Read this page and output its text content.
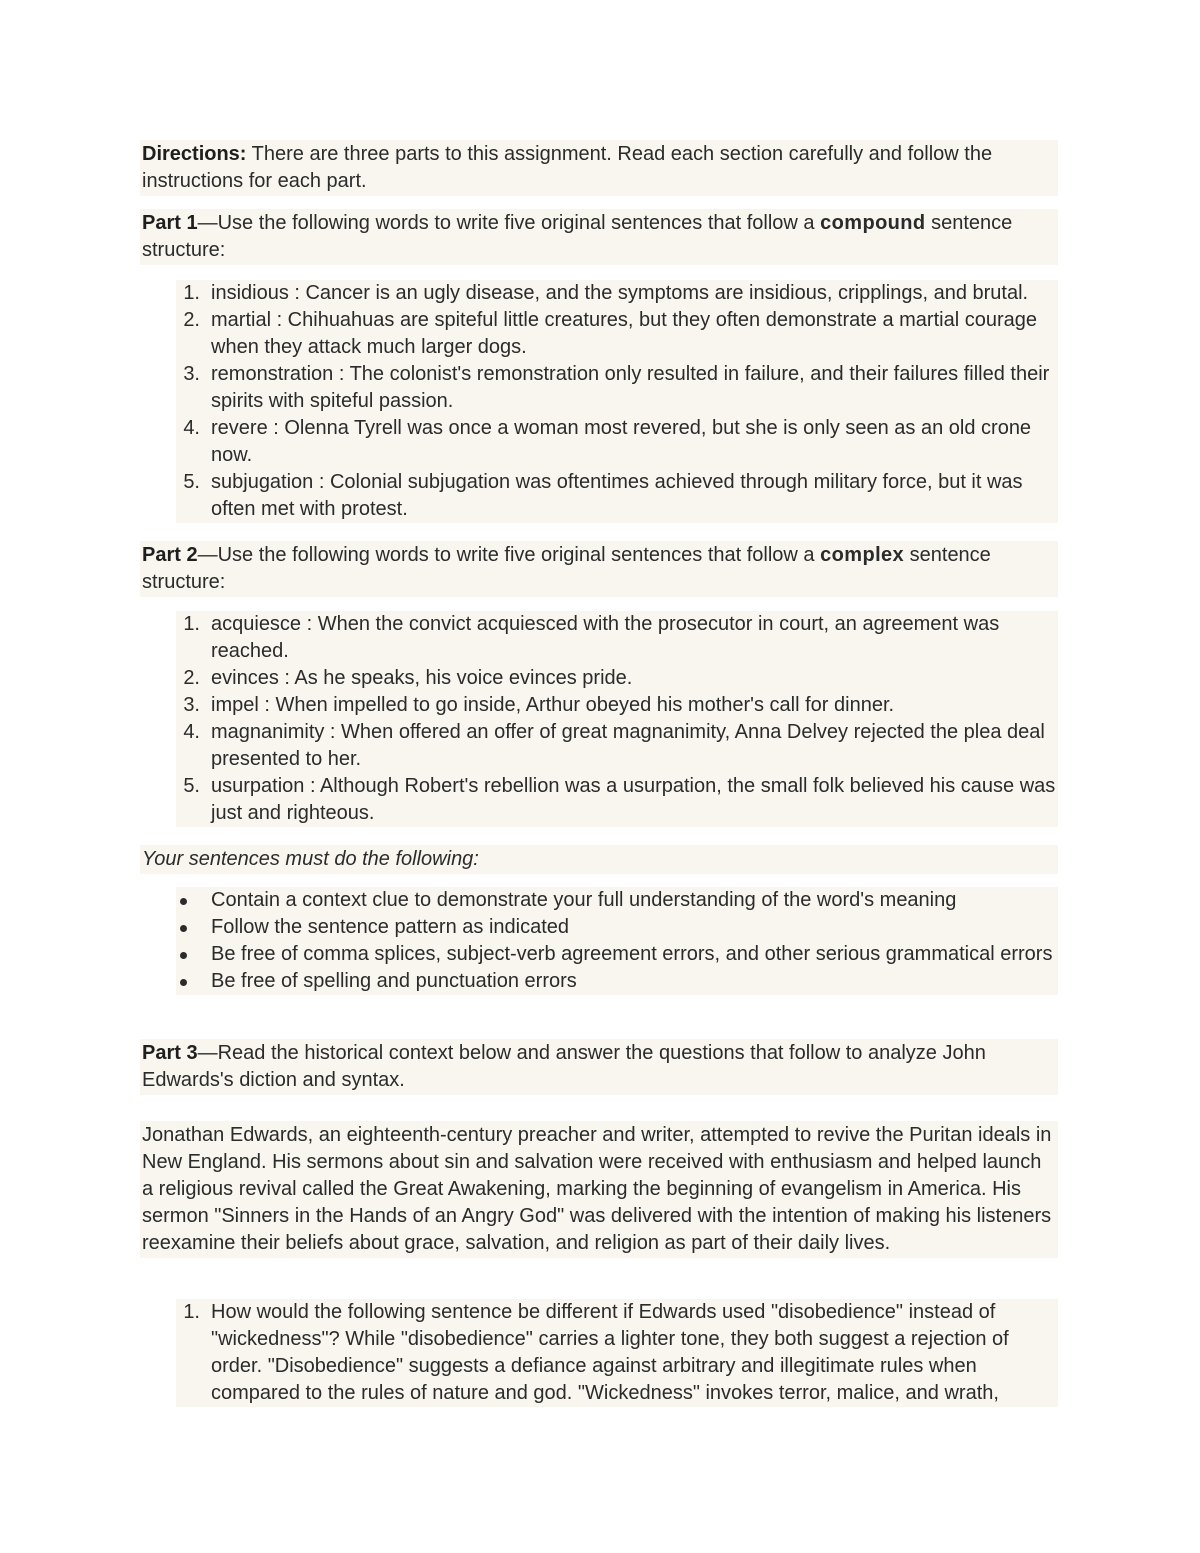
Directions: There are three parts to this assignment. Read each section carefully and follow the instructions for each part.

Part 1—Use the following words to write five original sentences that follow a compound sentence structure:

1. insidious : Cancer is an ugly disease, and the symptoms are insidious, cripplings, and brutal.
2. martial : Chihuahuas are spiteful little creatures, but they often demonstrate a martial courage when they attack much larger dogs.
3. remonstration : The colonist's remonstration only resulted in failure, and their failures filled their spirits with spiteful passion.
4. revere : Olenna Tyrell was once a woman most revered, but she is only seen as an old crone now.
5. subjugation : Colonial subjugation was oftentimes achieved through military force, but it was often met with protest.

Part 2—Use the following words to write five original sentences that follow a complex sentence structure:

1. acquiesce : When the convict acquiesced with the prosecutor in court, an agreement was reached.
2. evinces : As he speaks, his voice evinces pride.
3. impel : When impelled to go inside, Arthur obeyed his mother's call for dinner.
4. magnanimity : When offered an offer of great magnanimity, Anna Delvey rejected the plea deal presented to her.
5. usurpation : Although Robert's rebellion was a usurpation, the small folk believed his cause was just and righteous.

Your sentences must do the following:

Contain a context clue to demonstrate your full understanding of the word's meaning
Follow the sentence pattern as indicated
Be free of comma splices, subject-verb agreement errors, and other serious grammatical errors
Be free of spelling and punctuation errors

Part 3—Read the historical context below and answer the questions that follow to analyze John Edwards's diction and syntax.

Jonathan Edwards, an eighteenth-century preacher and writer, attempted to revive the Puritan ideals in New England. His sermons about sin and salvation were received with enthusiasm and helped launch a religious revival called the Great Awakening, marking the beginning of evangelism in America. His sermon "Sinners in the Hands of an Angry God" was delivered with the intention of making his listeners reexamine their beliefs about grace, salvation, and religion as part of their daily lives.

1. How would the following sentence be different if Edwards used "disobedience" instead of "wickedness"? While "disobedience" carries a lighter tone, they both suggest a rejection of order. "Disobedience" suggests a defiance against arbitrary and illegitimate rules when compared to the rules of nature and god. "Wickedness" invokes terror, malice, and wrath,
